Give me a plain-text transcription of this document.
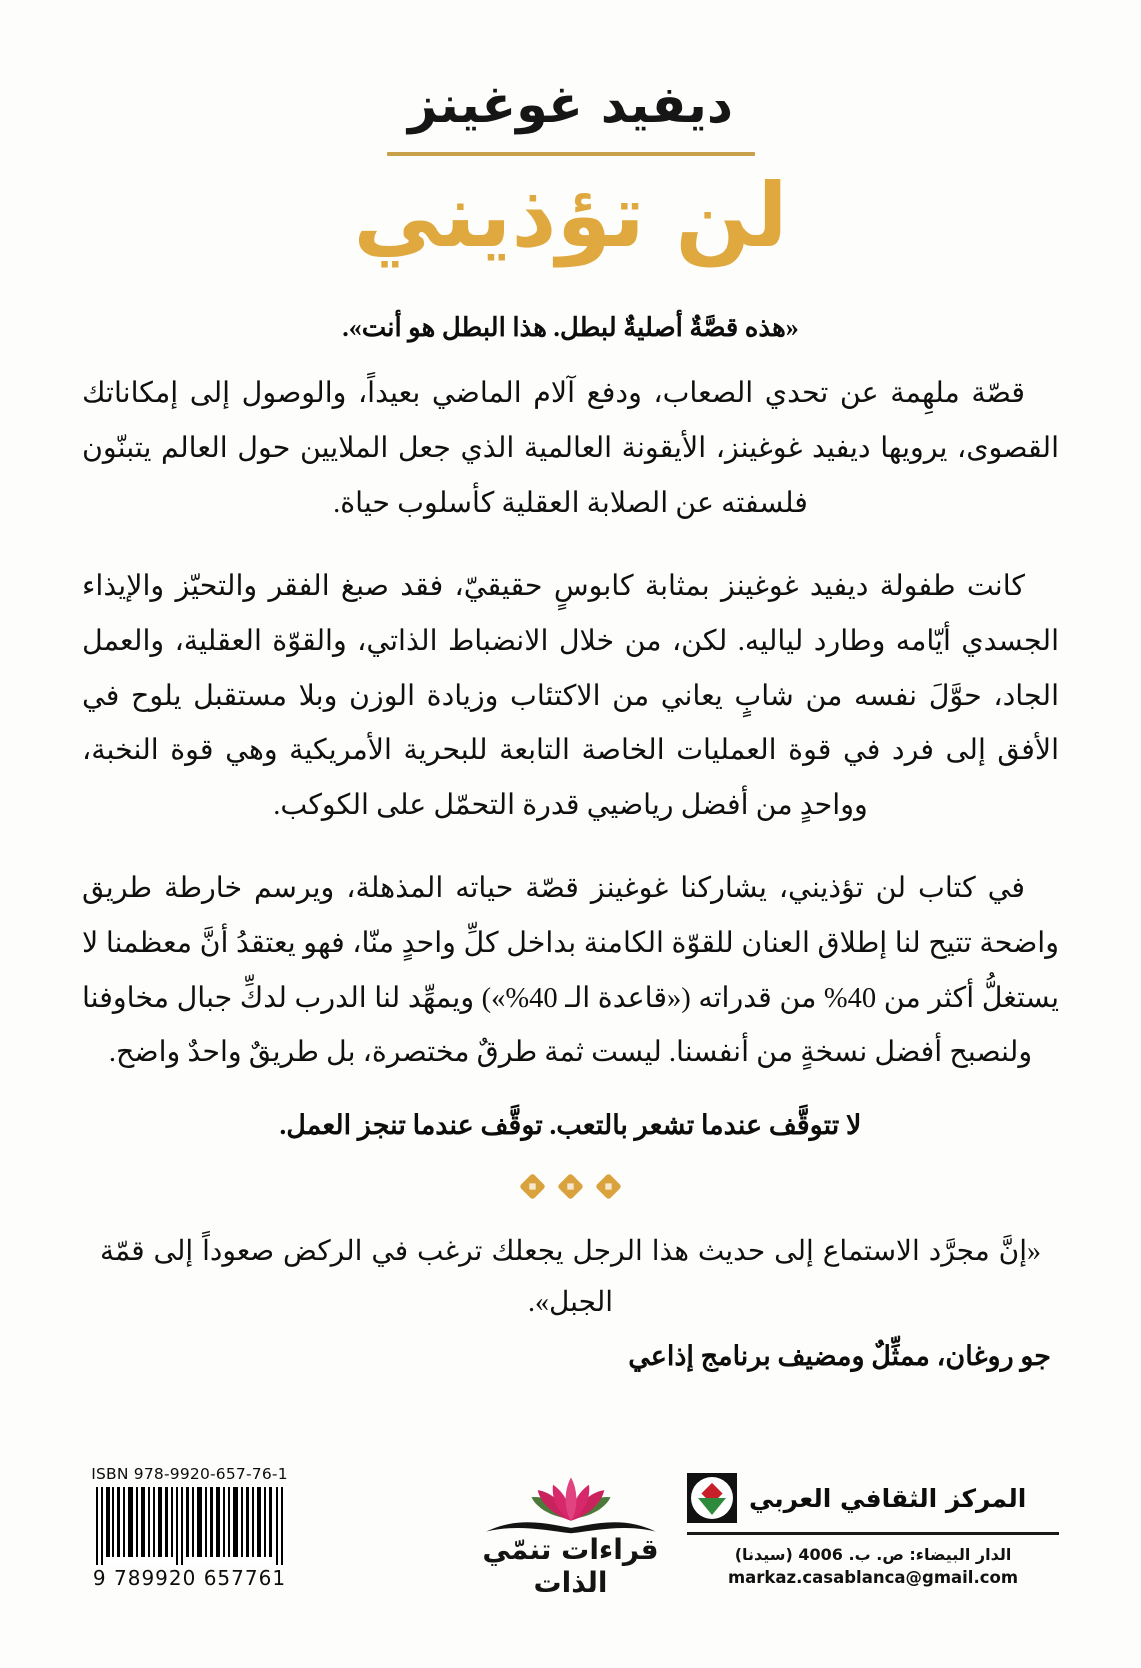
ديفيد غوغينز
لن تؤذيني
«هذه قصَّةٌ أصليةٌ لبطل. هذا البطل هو أنت».

قصّة ملهِمة عن تحدي الصعاب، ودفع آلام الماضي بعيداً، والوصول إلى إمكاناتك القصوى، يرويها ديفيد غوغينز، الأيقونة العالمية الذي جعل الملايين حول العالم يتبنّون فلسفته عن الصلابة العقلية كأسلوب حياة.

كانت طفولة ديفيد غوغينز بمثابة كابوسٍ حقيقيّ، فقد صبغ الفقر والتحيّز والإيذاء الجسدي أيّامه وطارد لياليه. لكن، من خلال الانضباط الذاتي، والقوّة العقلية، والعمل الجاد، حوَّلَ نفسه من شابٍ يعاني من الاكتئاب وزيادة الوزن وبلا مستقبل يلوح في الأفق إلى فرد في قوة العمليات الخاصة التابعة للبحرية الأمريكية وهي قوة النخبة، وواحدٍ من أفضل رياضيي قدرة التحمّل على الكوكب.

في كتاب لن تؤذيني، يشاركنا غوغينز قصّة حياته المذهلة، ويرسم خارطة طريق واضحة تتيح لنا إطلاق العنان للقوّة الكامنة بداخل كلِّ واحدٍ منّا، فهو يعتقدُ أنَّ معظمنا لا يستغلُّ أكثر من 40% من قدراته («قاعدة الـ 40%») ويمهِّد لنا الدرب لدكِّ جبال مخاوفنا ولنصبح أفضل نسخةٍ من أنفسنا. ليست ثمة طرقٌ مختصرة، بل طريقٌ واحدٌ واضح.

لا تتوقَّف عندما تشعر بالتعب. توقَّف عندما تنجز العمل.
«إنَّ مجرَّد الاستماع إلى حديث هذا الرجل يجعلك ترغب في الركض صعوداً إلى قمّة الجبل».
جو روغان، ممثِّلٌ ومضيف برنامج إذاعي
المركز الثقافي العربي
الدار البيضاء: ص. ب. 4006 (سيدنا)
markaz.casablanca@gmail.com
قراءات تنمّي الذات
ISBN 978-9920-657-76-1
9 789920 657761
